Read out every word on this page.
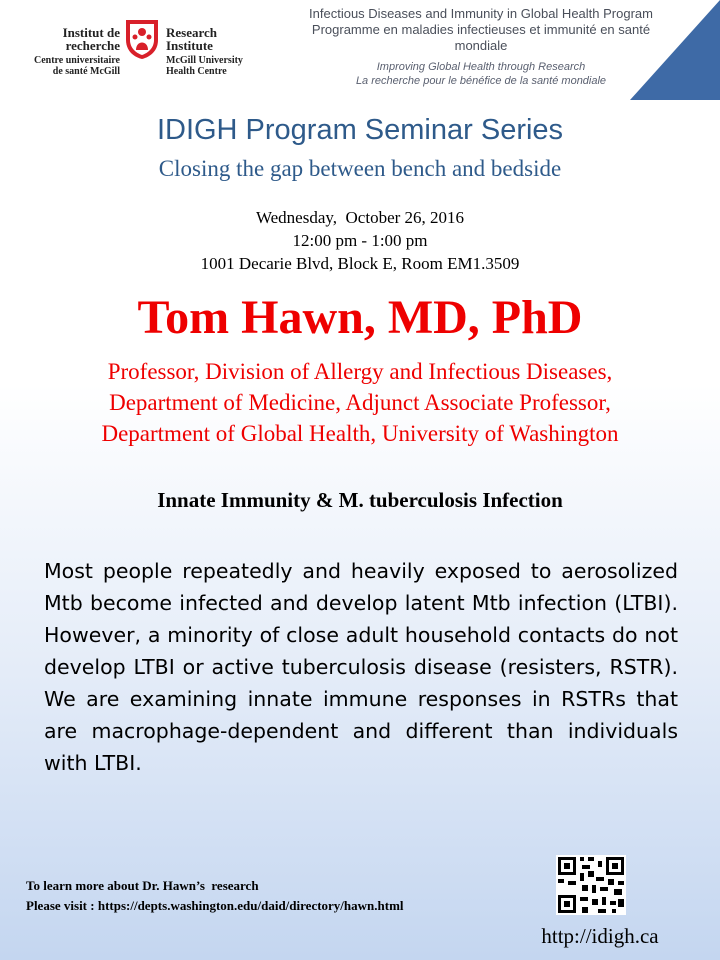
Institut de
recherche
Centre universitaire
de santé McGill
Research
Institute
McGill University
Health Centre
Infectious Diseases and Immunity in Global Health Program
Programme en maladies infectieuses et immunité en santé mondiale
Improving Global Health through Research
La recherche pour le bénéfice de la santé mondiale
IDIGH Program Seminar Series
Closing the gap between bench and bedside
Wednesday,  October 26, 2016
12:00 pm - 1:00 pm
1001 Decarie Blvd, Block E, Room EM1.3509
Tom Hawn, MD, PhD
Professor, Division of Allergy and Infectious Diseases,
Department of Medicine, Adjunct Associate Professor,
Department of Global Health, University of Washington
Innate Immunity & M. tuberculosis Infection
Most people repeatedly and heavily exposed to aerosolized Mtb become infected and develop latent Mtb infection (LTBI).  However, a minority of close adult household contacts do not develop LTBI or active tuberculosis disease (resisters, RSTR).  We are examining innate immune responses in RSTRs that are macrophage-dependent and different than individuals with LTBI.
To learn more about Dr. Hawn’s  research
Please visit : https://depts.washington.edu/daid/directory/hawn.html
http://idigh.ca
